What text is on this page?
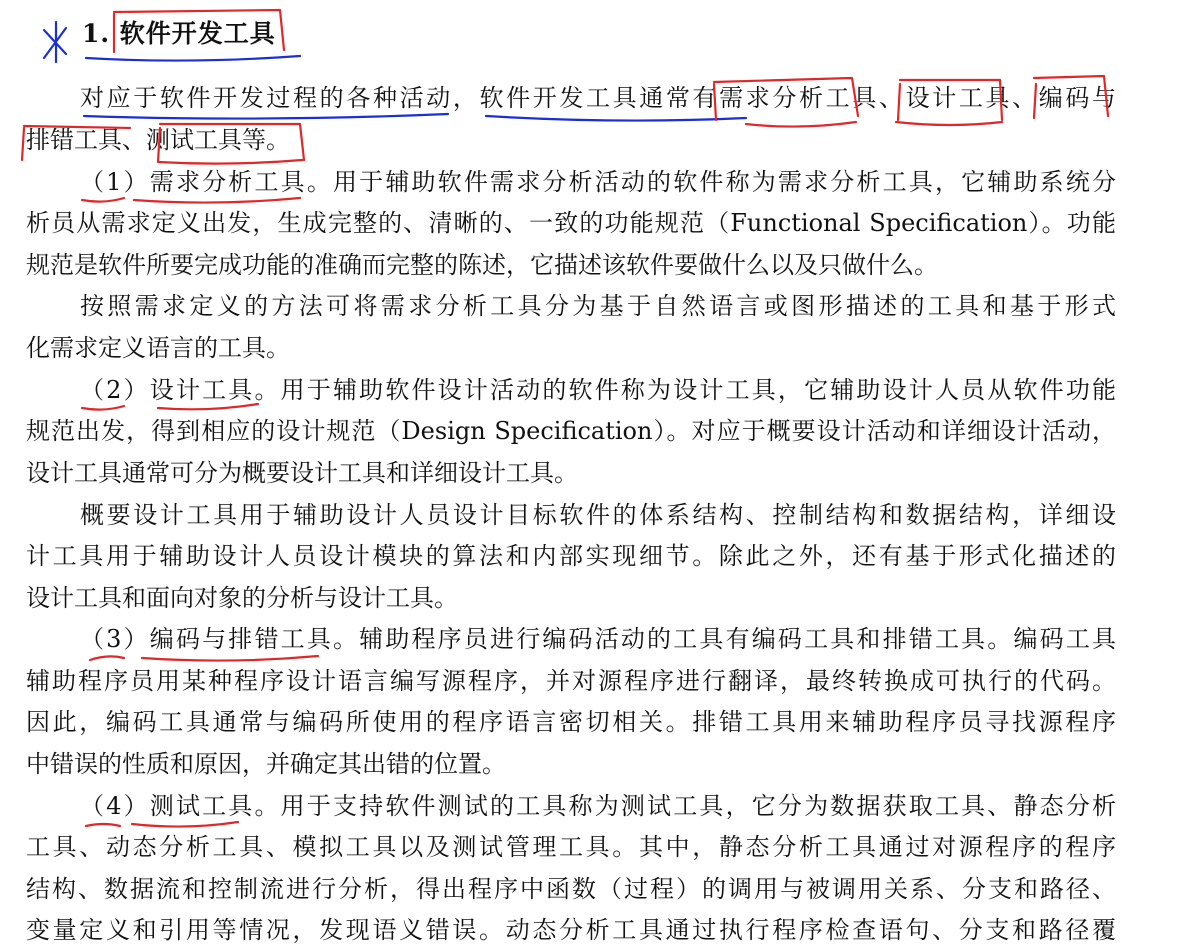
1. 软件开发工具
对应于软件开发过程的各种活动，软件开发工具通常有需求分析工具、设计工具、编码与
排错工具、测试工具等。
（1）需求分析工具。用于辅助软件需求分析活动的软件称为需求分析工具，它辅助系统分
析员从需求定义出发，生成完整的、清晰的、一致的功能规范（Functional Specification）。功能
规范是软件所要完成功能的准确而完整的陈述，它描述该软件要做什么以及只做什么。
按照需求定义的方法可将需求分析工具分为基于自然语言或图形描述的工具和基于形式
化需求定义语言的工具。
（2）设计工具。用于辅助软件设计活动的软件称为设计工具，它辅助设计人员从软件功能
规范出发，得到相应的设计规范（Design Specification）。对应于概要设计活动和详细设计活动，
设计工具通常可分为概要设计工具和详细设计工具。
概要设计工具用于辅助设计人员设计目标软件的体系结构、控制结构和数据结构，详细设
计工具用于辅助设计人员设计模块的算法和内部实现细节。除此之外，还有基于形式化描述的
设计工具和面向对象的分析与设计工具。
（3）编码与排错工具。辅助程序员进行编码活动的工具有编码工具和排错工具。编码工具
辅助程序员用某种程序设计语言编写源程序，并对源程序进行翻译，最终转换成可执行的代码。
因此，编码工具通常与编码所使用的程序语言密切相关。排错工具用来辅助程序员寻找源程序
中错误的性质和原因，并确定其出错的位置。
（4）测试工具。用于支持软件测试的工具称为测试工具，它分为数据获取工具、静态分析
工具、动态分析工具、模拟工具以及测试管理工具。其中，静态分析工具通过对源程序的程序
结构、数据流和控制流进行分析，得出程序中函数（过程）的调用与被调用关系、分支和路径、
变量定义和引用等情况，发现语义错误。动态分析工具通过执行程序检查语句、分支和路径覆
